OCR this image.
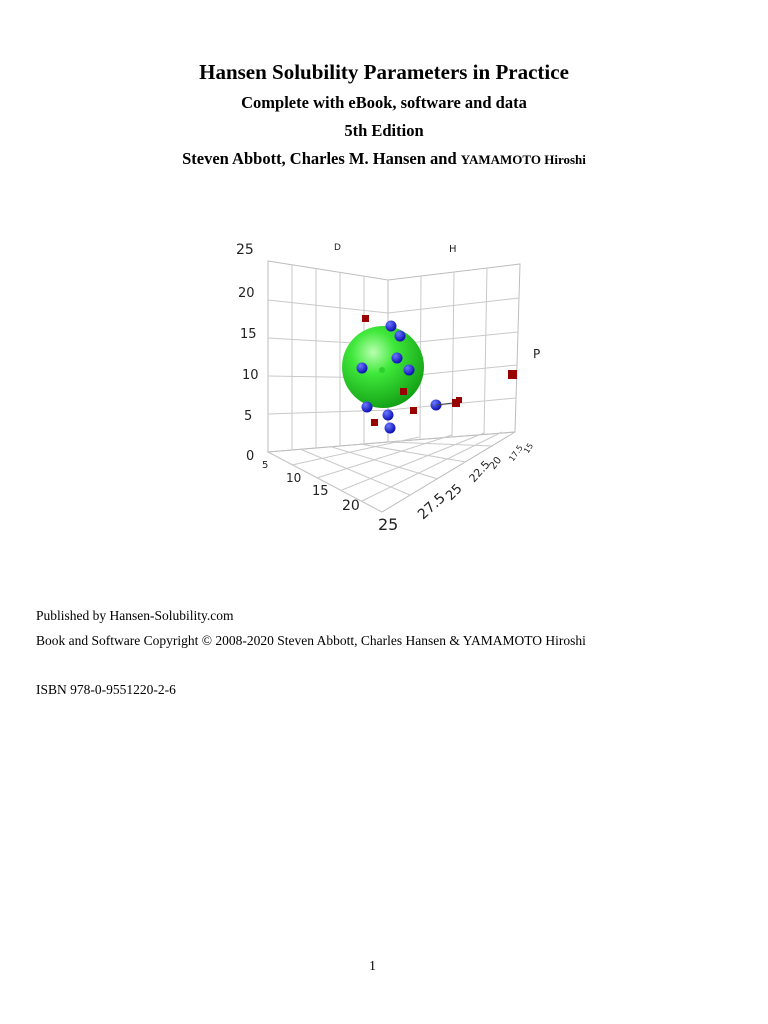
Hansen Solubility Parameters in Practice
Complete with eBook, software and data
5th Edition
Steven Abbott, Charles M. Hansen and YAMAMOTO Hiroshi
D	H
P
25
20
15
10
5
0
5
10
15
20
25
27.5
25
22.5
20
17.5
15
Published by Hansen-Solubility.com
Book and Software Copyright © 2008-2020 Steven Abbott, Charles Hansen & YAMAMOTO Hiroshi
ISBN 978-0-9551220-2-6
1
